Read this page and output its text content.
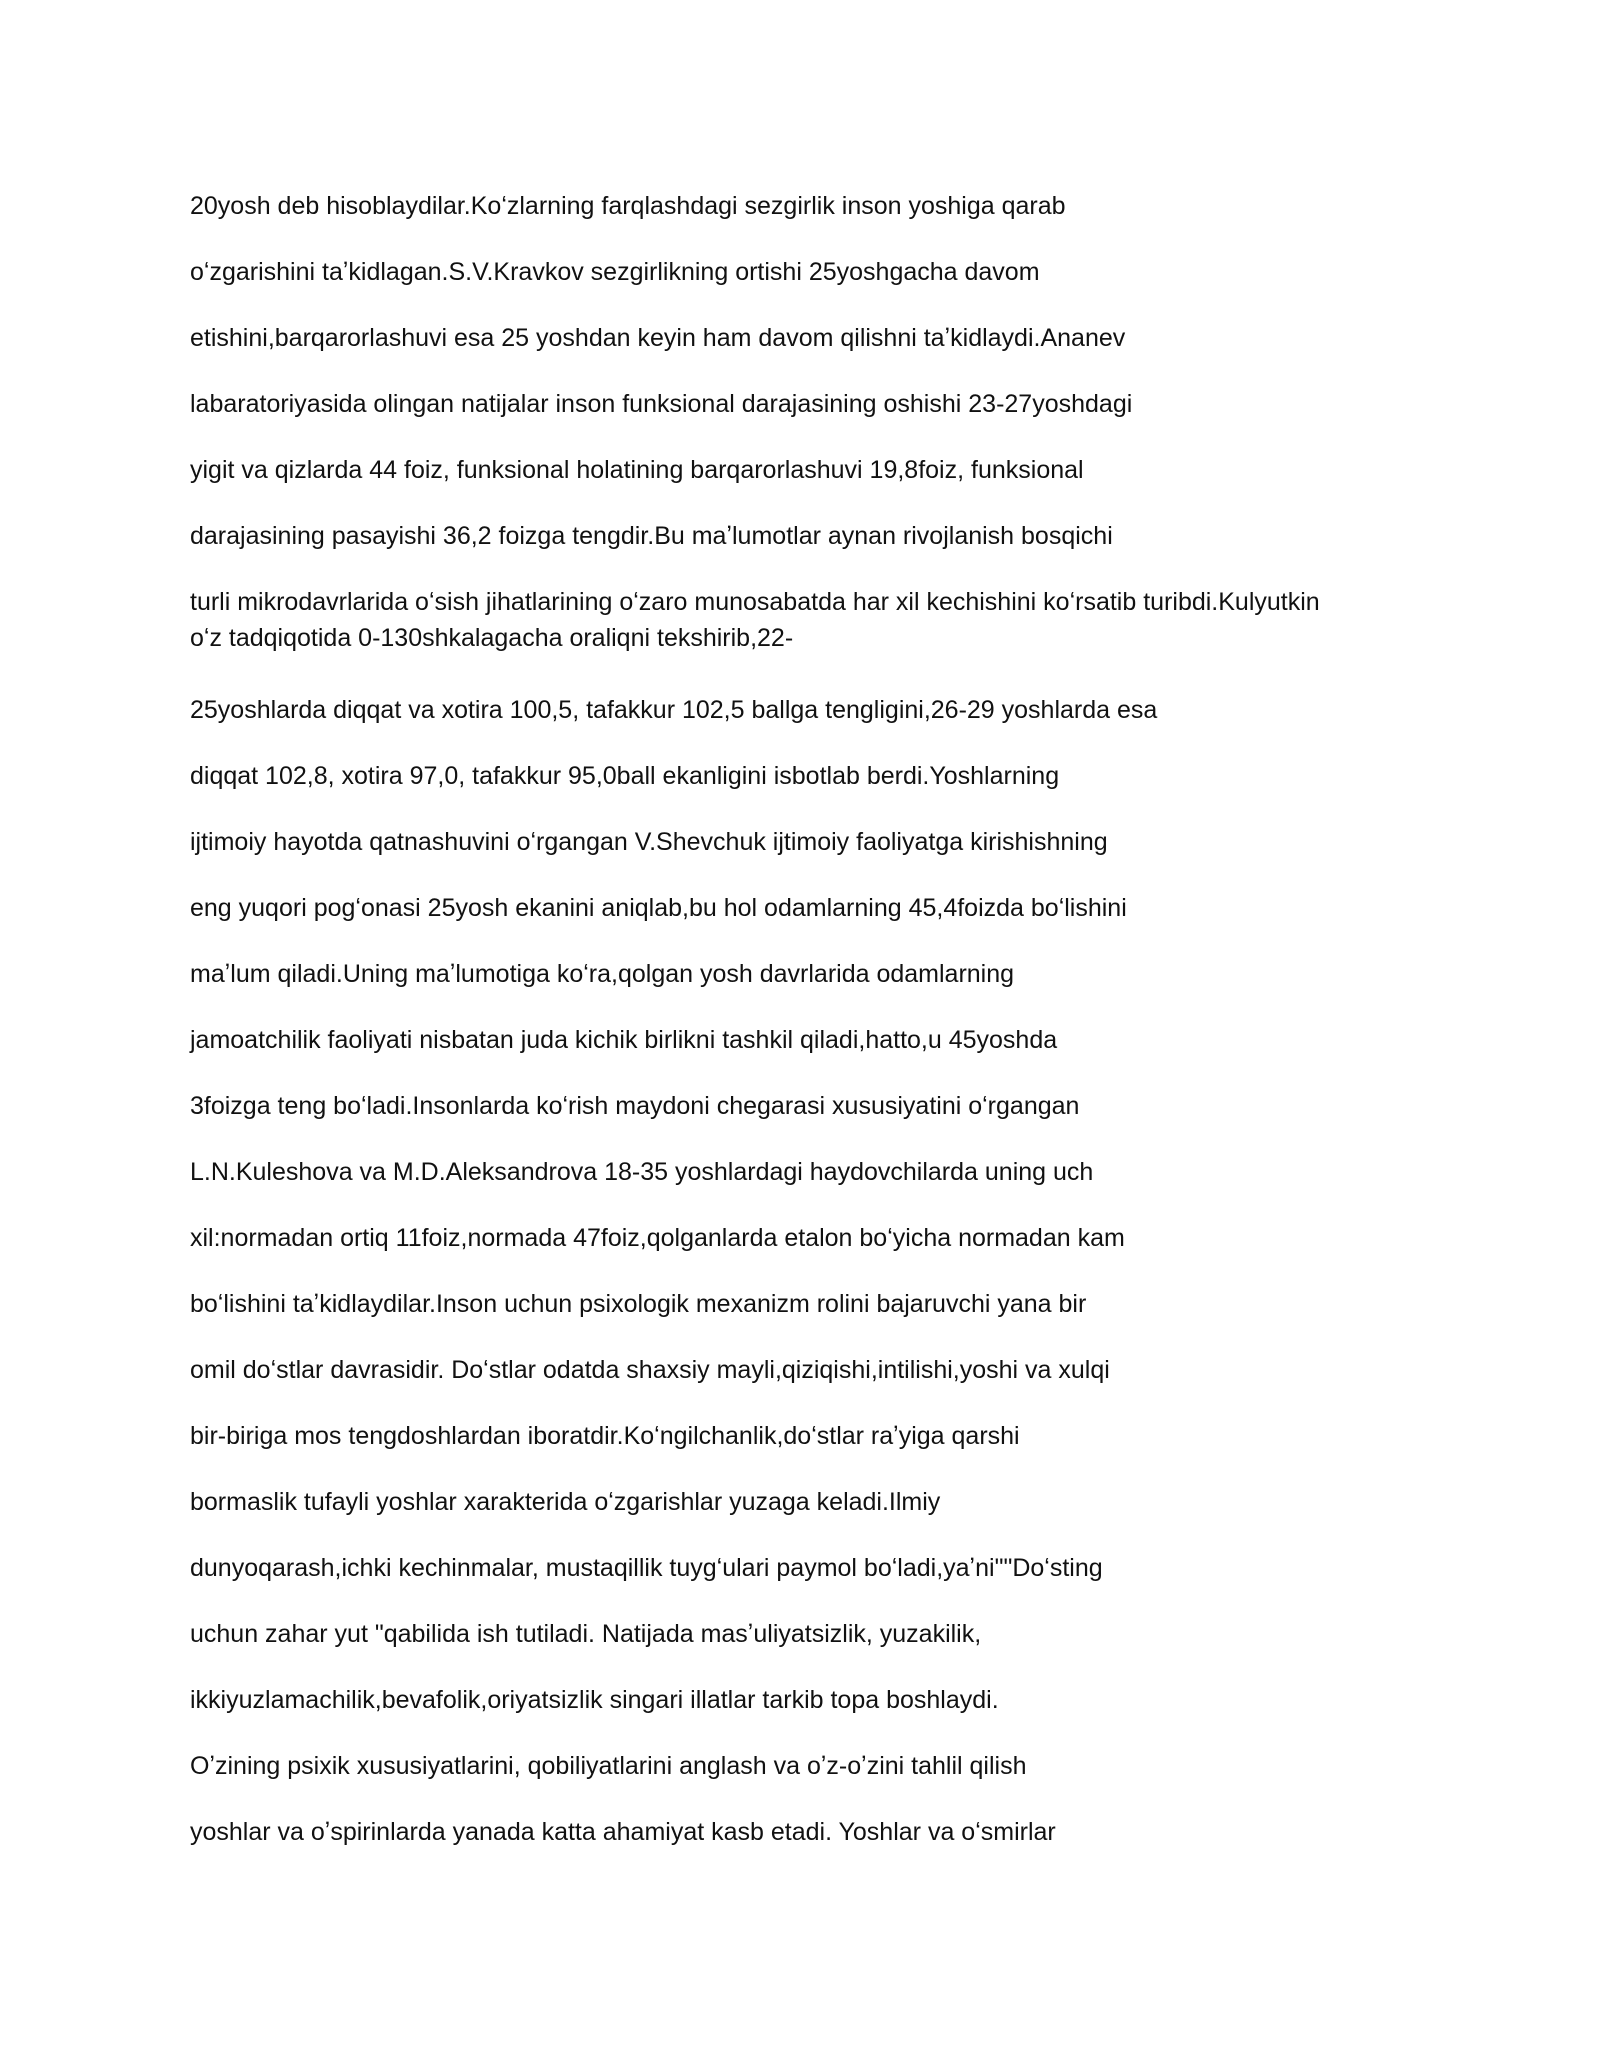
20yosh deb hisoblaydilar.Koʻzlarning farqlashdagi sezgirlik inson yoshiga qarab
oʻzgarishini taʼkidlagan.S.V.Kravkov sezgirlikning ortishi 25yoshgacha davom
etishini,barqarorlashuvi esa 25 yoshdan keyin ham davom qilishni taʼkidlaydi.Ananev
labaratoriyasida olingan natijalar inson funksional darajasining oshishi 23-27yoshdagi
yigit va qizlarda 44 foiz, funksional holatining barqarorlashuvi 19,8foiz, funksional
darajasining pasayishi 36,2 foizga tengdir.Bu maʼlumotlar aynan rivojlanish bosqichi
turli mikrodavrlarida oʻsish jihatlarining oʻzaro munosabatda har xil kechishini koʻrsatib turibdi.Kulyutkin
oʻz tadqiqotida 0-130shkalagacha oraliqni tekshirib,22-
25yoshlarda diqqat va xotira 100,5, tafakkur 102,5 ballga tengligini,26-29 yoshlarda esa
diqqat 102,8, xotira 97,0, tafakkur 95,0ball ekanligini isbotlab berdi.Yoshlarning
ijtimoiy hayotda qatnashuvini oʻrgangan V.Shevchuk ijtimoiy faoliyatga kirishishning
eng yuqori pogʻonasi 25yosh ekanini aniqlab,bu hol odamlarning 45,4foizda boʻlishini
maʼlum qiladi.Uning maʼlumotiga koʻra,qolgan yosh davrlarida odamlarning
jamoatchilik faoliyati nisbatan juda kichik birlikni tashkil qiladi,hatto,u 45yoshda
3foizga teng boʻladi.Insonlarda koʻrish maydoni chegarasi xususiyatini oʻrgangan
L.N.Kuleshova va M.D.Aleksandrova 18-35 yoshlardagi haydovchilarda uning uch
xil:normadan ortiq 11foiz,normada 47foiz,qolganlarda etalon boʻyicha normadan kam
boʻlishini taʼkidlaydilar.Inson uchun psixologik mexanizm rolini bajaruvchi yana bir
omil doʻstlar davrasidir. Doʻstlar odatda shaxsiy mayli,qiziqishi,intilishi,yoshi va xulqi
bir-biriga mos tengdoshlardan iboratdir.Koʻngilchanlik,doʻstlar raʼyiga qarshi
bormaslik tufayli yoshlar xarakterida oʻzgarishlar yuzaga keladi.Ilmiy
dunyoqarash,ichki kechinmalar, mustaqillik tuygʻulari paymol boʻladi,yaʼni""Doʻsting
uchun zahar yut "qabilida ish tutiladi. Natijada masʼuliyatsizlik, yuzakilik,
ikkiyuzlamachilik,bevafolik,oriyatsizlik singari illatlar tarkib topa boshlaydi.
Oʼzining psixik xususiyatlarini, qobiliyatlarini anglash va oʼz-oʼzini tahlil qilish
yoshlar va oʼspirinlarda yanada katta ahamiyat kasb etadi. Yoshlar va oʻsmirlar
